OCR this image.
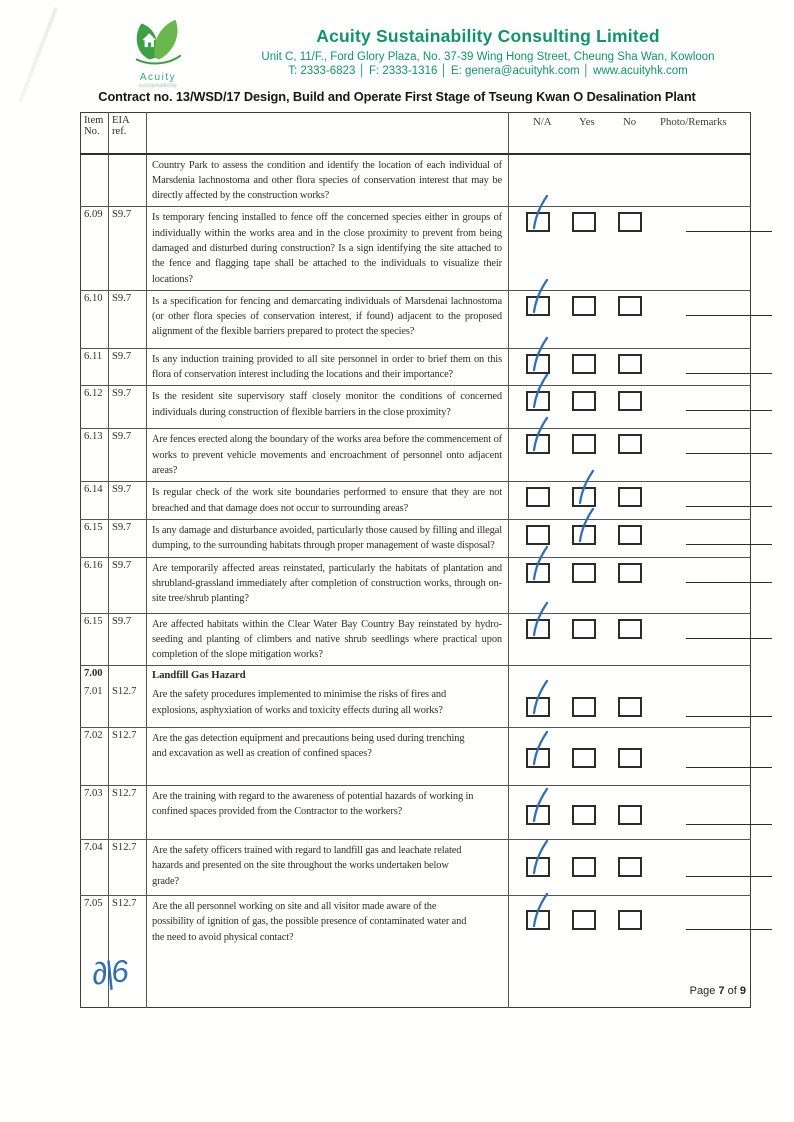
Acuity
sustainability
Acuity Sustainability Consulting Limited
Unit C, 11/F., Ford Glory Plaza, No. 37-39 Wing Hong Street, Cheung Sha Wan, Kowloon
T: 2333-6823 │ F: 2333-1316 │ E: genera@acuityhk.com │ www.acuityhk.com
Contract no. 13/WSD/17 Design, Build and Operate First Stage of Tseung Kwan O Desalination Plant
Item
No.
	EIA ref.		
N/A	Yes	No Photo/Remarks

		Country Park to assess the condition and identify the location of each individual of Marsdenia lachnostoma and other flora species of conservation interest that may be directly affected by the construction works?	

6.09	S9.7	Is temporary fencing installed to fence off the concerned species either in groups of individually within the works area and in the close proximity to prevent from being damaged and disturbed during construction? Is a sign identifying the site attached to the fence and flagging tape shall be attached to the individuals to visualize their locations?

6.10	S9.7	Is a specification for fencing and demarcating individuals of Marsdenai lachnostoma (or other flora species of conservation interest, if found) adjacent to the proposed alignment of the flexible barriers prepared to protect the species?

6.11	S9.7	Is any induction training provided to all site personnel in order to brief them on this flora of conservation interest including the locations and their importance?

6.12	S9.7	Is the resident site supervisory staff closely monitor the conditions of concerned individuals during construction of flexible barriers in the close proximity?

6.13	S9.7	Are fences erected along the boundary of the works area before the commencement of works to prevent vehicle movements and encroachment of personnel onto adjacent areas?

6.14	S9.7	Is regular check of the work site boundaries performed to ensure that they are not breached and that damage does not occur to surrounding areas?

6.15	S9.7	Is any damage and disturbance avoided, particularly those caused by filling and illegal dumping, to the surrounding habitats through proper management of waste disposal?

6.16	S9.7	Are temporarily affected areas reinstated, particularly the habitats of plantation and shrubland-grassland immediately after completion of construction works, through on-site tree/shrub planting?

6.15	S9.7	Are affected habitats within the Clear Water Bay Country Bay reinstated by hydro-seeding and planting of climbers and native shrub seedlings where practical upon completion of the slope mitigation works?

7.00		Landfill Gas Hazard	

7.01	S12.7	Are the safety procedures implemented to minimise the risks of fires and explosions, asphyxiation of works and toxicity effects during all works?

7.02	S12.7	Are the gas detection equipment and precautions being used during trenching and excavation as well as creation of confined spaces?

7.03	S12.7	Are the training with regard to the awareness of potential hazards of working in confined spaces provided from the Contractor to the workers?

7.04	S12.7	Are the safety officers trained with regard to landfill gas and leachate related hazards and presented on the site throughout the works undertaken below grade?

7.05	S12.7	Are the all personnel working on site and all visitor made aware of the possibility of ignition of gas, the possible presence of contaminated water and the need to avoid physical contact?

∂|6	Page 7 of 9
